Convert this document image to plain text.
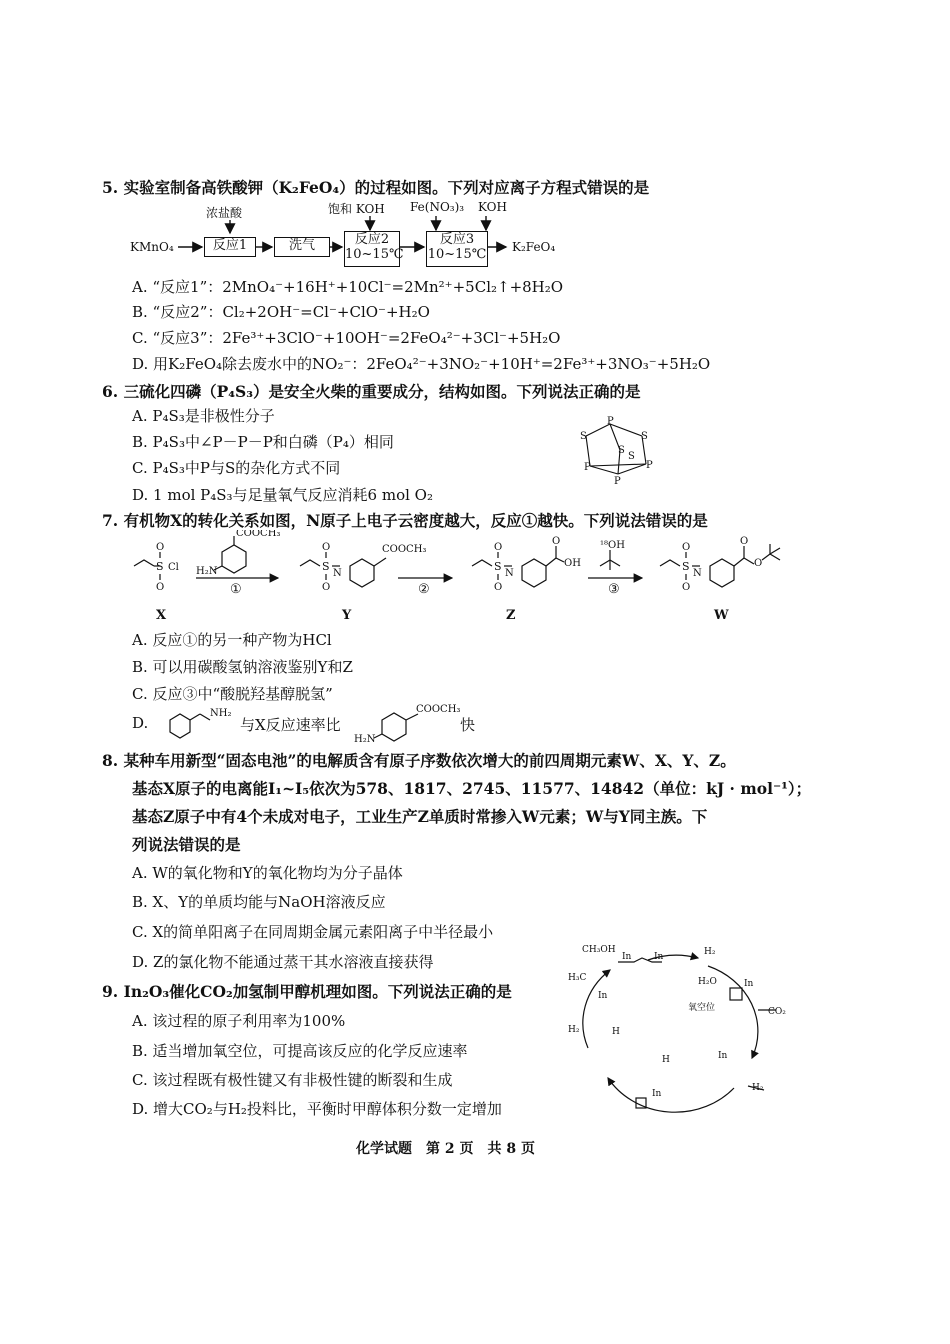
5. 实验室制备高铁酸钾（K₂FeO₄）的过程如图。下列对应离子方程式错误的是
KMnO₄
浓盐酸
反应1	洗气
饱和 KOH
反应2
10~15℃
Fe(NO₃)₃ KOH
反应3
10~15℃ K₂FeO₄
A. “反应1”：2MnO₄⁻+16H⁺+10Cl⁻=2Mn²⁺+5Cl₂↑+8H₂O
B. “反应2”：Cl₂+2OH⁻=Cl⁻+ClO⁻+H₂O
C. “反应3”：2Fe³⁺+3ClO⁻+10OH⁻=2FeO₄²⁻+3Cl⁻+5H₂O
D. 用K₂FeO₄除去废水中的NO₂⁻：2FeO₄²⁻+3NO₂⁻+10H⁺=2Fe³⁺+3NO₃⁻+5H₂O
6. 三硫化四磷（P₄S₃）是安全火柴的重要成分，结构如图。下列说法正确的是
A. P₄S₃是非极性分子
B. P₄S₃中∠P－P－P和白磷（P₄）相同
C. P₄S₃中P与S的杂化方式不同
D. 1 mol P₄S₃与足量氧气反应消耗6 mol O₂
P
S	S
S
P
S
P
P
7. 有机物X的转化关系如图，N原子上电子云密度越大，反应①越快。下列说法错误的是
S
O
O
Cl
COOCH₃
H₂N	S
O
O
N
COOCH₃
S
O
O
N
O
OH
¹⁸OH
S
O
O
N
O
O
①	②	③
X	Y	Z	W
A. 反应①的另一种产物为HCl
B. 可以用碳酸氢钠溶液鉴别Y和Z
C. 反应③中“酸脱羟基醇脱氢”
D.
NH₂
与X反应速率比
H₂N
COOCH₃
快
8. 某种车用新型“固态电池”的电解质含有原子序数依次增大的前四周期元素W、X、Y、Z。
基态X原子的电离能I₁~I₅依次为578、1817、2745、11577、14842（单位：kJ · mol⁻¹）；
基态Z原子中有4个未成对电子，工业生产Z单质时常掺入W元素；W与Y同主族。下
列说法错误的是
A. W的氧化物和Y的氧化物均为分子晶体
B. X、Y的单质均能与NaOH溶液反应
C. X的简单阳离子在同周期金属元素阳离子中半径最小
D. Z的氯化物不能通过蒸干其水溶液直接获得
9. In₂O₃催化CO₂加氢制甲醇机理如图。下列说法正确的是
A. 该过程的原子利用率为100%
B. 适当增加氧空位，可提高该反应的化学反应速率
C. 该过程既有极性键又有非极性键的断裂和生成
D. 增大CO₂与H₂投料比，平衡时甲醇体积分数一定增加
CH₃OH
In	In	H₂
H₂O	In
氧空位	CO₂
H₃C
In
H₂	H
In
H
H₂
In
化学试题　第 2 页　共 8 页
